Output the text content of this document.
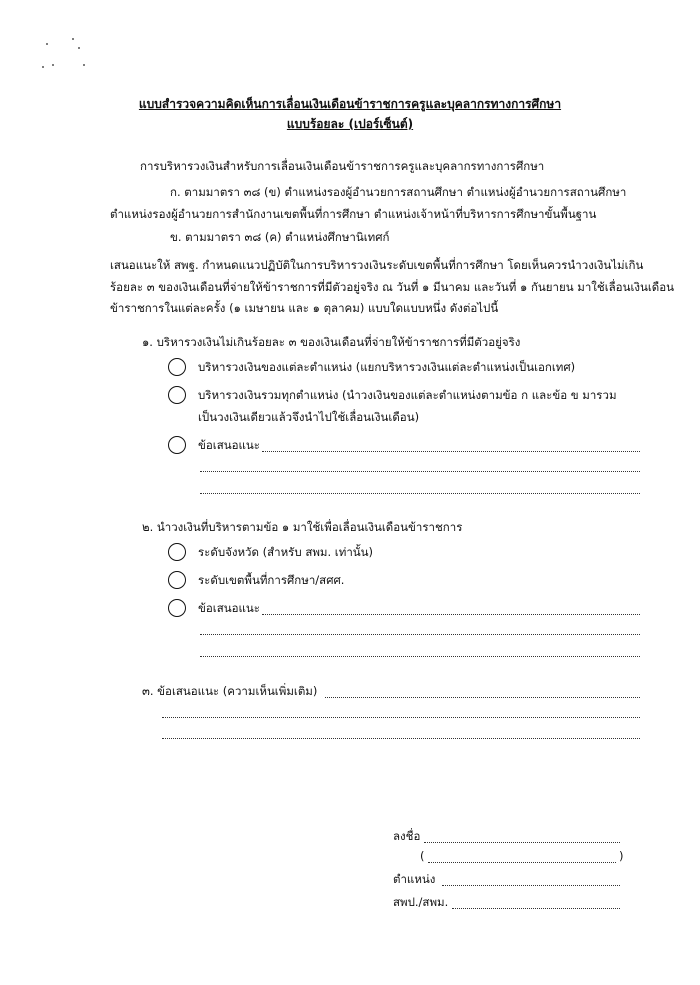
แบบสำรวจความคิดเห็นการเลื่อนเงินเดือนข้าราชการครูและบุคลากรทางการศึกษา
แบบร้อยละ (เปอร์เซ็นต์)
การบริหารวงเงินสำหรับการเลื่อนเงินเดือนข้าราชการครูและบุคลากรทางการศึกษา
ก. ตามมาตรา ๓๘ (ข) ตำแหน่งรองผู้อำนวยการสถานศึกษา ตำแหน่งผู้อำนวยการสถานศึกษา
ตำแหน่งรองผู้อำนวยการสำนักงานเขตพื้นที่การศึกษา ตำแหน่งเจ้าหน้าที่บริหารการศึกษาขั้นพื้นฐาน
ข. ตามมาตรา ๓๘ (ค) ตำแหน่งศึกษานิเทศก์
เสนอแนะให้ สพฐ. กำหนดแนวปฏิบัติในการบริหารวงเงินระดับเขตพื้นที่การศึกษา โดยเห็นควรนำวงเงินไม่เกิน
ร้อยละ ๓ ของเงินเดือนที่จ่ายให้ข้าราชการที่มีตัวอยู่จริง ณ วันที่ ๑ มีนาคม และวันที่ ๑ กันยายน มาใช้เลื่อนเงินเดือน
ข้าราชการในแต่ละครั้ง (๑ เมษายน และ ๑ ตุลาคม) แบบใดแบบหนึ่ง ดังต่อไปนี้
๑. บริหารวงเงินไม่เกินร้อยละ ๓ ของเงินเดือนที่จ่ายให้ข้าราชการที่มีตัวอยู่จริง
บริหารวงเงินของแต่ละตำแหน่ง (แยกบริหารวงเงินแต่ละตำแหน่งเป็นเอกเทศ)
บริหารวงเงินรวมทุกตำแหน่ง (นำวงเงินของแต่ละตำแหน่งตามข้อ ก และข้อ ข มารวม
เป็นวงเงินเดียวแล้วจึงนำไปใช้เลื่อนเงินเดือน)
ข้อเสนอแนะ
๒. นำวงเงินที่บริหารตามข้อ ๑ มาใช้เพื่อเลื่อนเงินเดือนข้าราชการ
ระดับจังหวัด (สำหรับ สพม. เท่านั้น)
ระดับเขตพื้นที่การศึกษา/สศศ.
ข้อเสนอแนะ
๓. ข้อเสนอแนะ (ความเห็นเพิ่มเติม)
ลงชื่อ
(	)
ตำแหน่ง
สพป./สพม.
